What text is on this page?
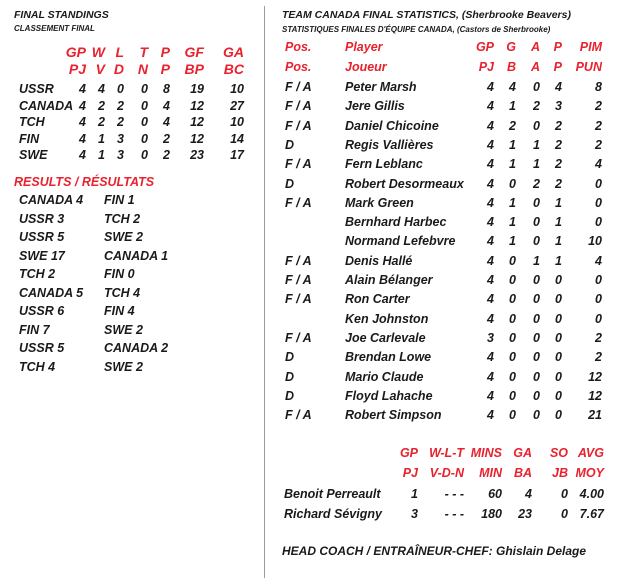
FINAL STANDINGS
CLASSEMENT FINAL
GP W L	T P	GF	GA
PJ V D N P	BP	BC
USSR	4 4 0	0	8	19	10
CANADA 4 2 2	0	4	12	27
TCH	4 2 2	0	4	12	10
FIN	4 1 3	0	2	12	14
SWE	4 1 3	0	2	23	17
RESULTS / RÉSULTATS
CANADA 4 FIN 1
USSR 3	TCH 2
USSR 5	SWE 2
SWE 17	CANADA 1
TCH 2	FIN 0
CANADA 5 TCH 4
USSR 6	FIN 4
FIN 7	SWE 2
USSR 5	CANADA 2
TCH 4	SWE 2
TEAM CANADA FINAL STATISTICS, (Sherbrooke Beavers)
STATISTIQUES FINALES D'ÉQUIPE CANADA, (Castors de Sherbrooke)
Pos.	Player	GP G	A	P	PIM
Pos.	Joueur	PJ	B	A	P	PUN
F / A	Peter Marsh	4	4	0	4	8
F / A	Jere Gillis	4	1	2	3	2
F / A	Daniel Chicoine	4	2	0	2	2
D	Regis Vallières	4	1	1	2	2
F / A	Fern Leblanc	4	1	1	2	4
D	Robert Desormeaux	4	0	2	2	0
F / A	Mark Green	4	1	0	1	0
Bernhard Harbec	4	1	0	1	0
Normand Lefebvre	4	1	0	1	10
F / A	Denis Hallé	4	0	1	1	4
F / A	Alain Bélanger	4	0	0	0	0
F / A	Ron Carter	4	0	0	0	0
Ken Johnston	4	0	0	0	0
F / A	Joe Carlevale	3	0	0	0	2
D	Brendan Lowe	4	0	0	0	2
D	Mario Claude	4	0	0	0	12
D	Floyd Lahache	4	0	0	0	12
F / A	Robert Simpson	4	0	0	0	21
GP W-L-T MINS GA	SO AVG
PJ V-D-N	MIN BA	JB MOY
Benoit Perreault	1	- - -	60	4	0 4.00
Richard Sévigny	3	- - -	180	23	0 7.67
HEAD COACH / ENTRAÎNEUR-CHEF: Ghislain Delage
